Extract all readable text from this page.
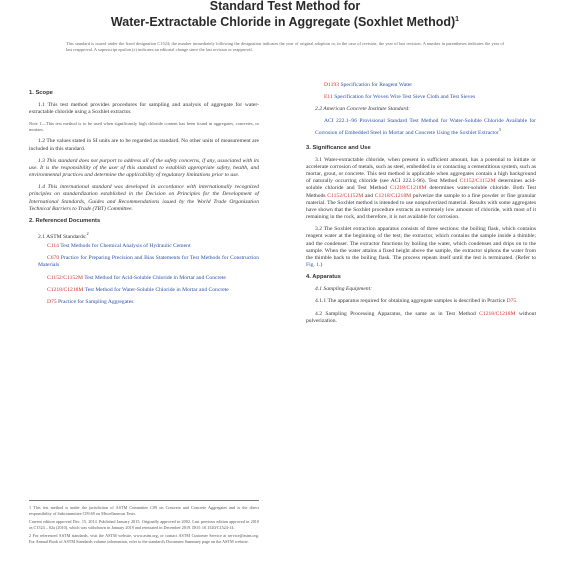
Standard Test Method for
Water-Extractable Chloride in Aggregate (Soxhlet Method)$^1$
This standard is issued under the fixed designation C1524; the number immediately following the designation indicates the year of original adoption or, in the case of revision, the year of last revision. A number in parentheses indicates the year of last reapproval. A superscript epsilon (ε) indicates an editorial change since the last revision or reapproval.
1. Scope

1.1 This test method provides procedures for sampling and analysis of aggregate for water-extractable chloride using a Soxhlet extractor.

Note 1—This test method is to be used when significantly high chloride content has been found in aggregates, concretes, or mortars.

1.2 The values stated in SI units are to be regarded as standard. No other units of measurement are included in this standard.

1.3 This standard does not purport to address all of the safety concerns, if any, associated with its use. It is the responsibility of the user of this standard to establish appropriate safety, health, and environmental practices and determine the applicability of regulatory limitations prior to use.

1.4 This international standard was developed in accordance with internationally recognized principles on standardization established in the Decision on Principles for the Development of International Standards, Guides and Recommendations issued by the World Trade Organization Technical Barriers to Trade (TBT) Committee.

2. Referenced Documents

2.1 ASTM Standards:$^2$

C114 Test Methods for Chemical Analysis of Hydraulic Cement

C670 Practice for Preparing Precision and Bias Statements for Test Methods for Construction Materials

C1152/C1152M Test Method for Acid-Soluble Chloride in Mortar and Concrete

C1218/C1218M Test Method for Water-Soluble Chloride in Mortar and Concrete

D75 Practice for Sampling Aggregates

1 This test method is under the jurisdiction of ASTM Committee C09 on Concrete and Concrete Aggregates and is the direct responsibility of Subcommittee C09.69 on Miscellaneous Tests.

Current edition approved Dec. 15, 2014. Published January 2015. Originally approved in 2002. Last previous edition approved in 2010 as C1524 – 02a (2010), which was withdrawn in January 2019 and reinstated in December 2019. DOI: 10.1520/C1524-14.

2 For referenced ASTM standards, visit the ASTM website, www.astm.org, or contact ASTM Customer Service at service@astm.org. For Annual Book of ASTM Standards volume information, refer to the standard's Document Summary page on the ASTM website.

D1193 Specification for Reagent Water

E11 Specification for Woven Wire Test Sieve Cloth and Test Sieves

2.2 American Concrete Institute Standard:

ACI 222.1–96 Provisional Standard Test Method for Water-Soluble Chloride Available for Corrosion of Embedded Steel in Mortar and Concrete Using the Soxhlet Extractor$^3$

3. Significance and Use

3.1 Water-extractable chloride, when present in sufficient amount, has a potential to initiate or accelerate corrosion of metals, such as steel, embedded in or contacting a cementitious system, such as mortar, grout, or concrete. This test method is applicable when aggregates contain a high background of naturally occurring chloride (see ACI 222.1-96). Test Method C1152/C1152M determines acid-soluble chloride and Test Method C1218/C1218M determines water-soluble chloride. Both Test Methods C1152/C1152M and C1218/C1218M pulverize the sample to a fine powder or fine granular material. The Soxhlet method is intended to use nonpulverized material. Results with some aggregates have shown that the Soxhlet procedure extracts an extremely low amount of chloride, with most of it remaining in the rock, and therefore, it is not available for corrosion.

3.2 The Soxhlet extraction apparatus consists of three sections: the boiling flask, which contains reagent water at the beginning of the test; the extractor, which contains the sample inside a thimble; and the condenser. The extractor functions by boiling the water, which condenses and drips on to the sample. When the water attains a fixed height above the sample, the extractor siphons the water from the thimble back to the boiling flask. The process repeats itself until the test is terminated. (Refer to Fig. 1.)

4. Apparatus

4.1 Sampling Equipment:

4.1.1 The apparatus required for obtaining aggregate samples is described in Practice D75.

4.2 Sampling Processing Apparatus, the same as in Test Method C1218/C1218M without pulverization.
